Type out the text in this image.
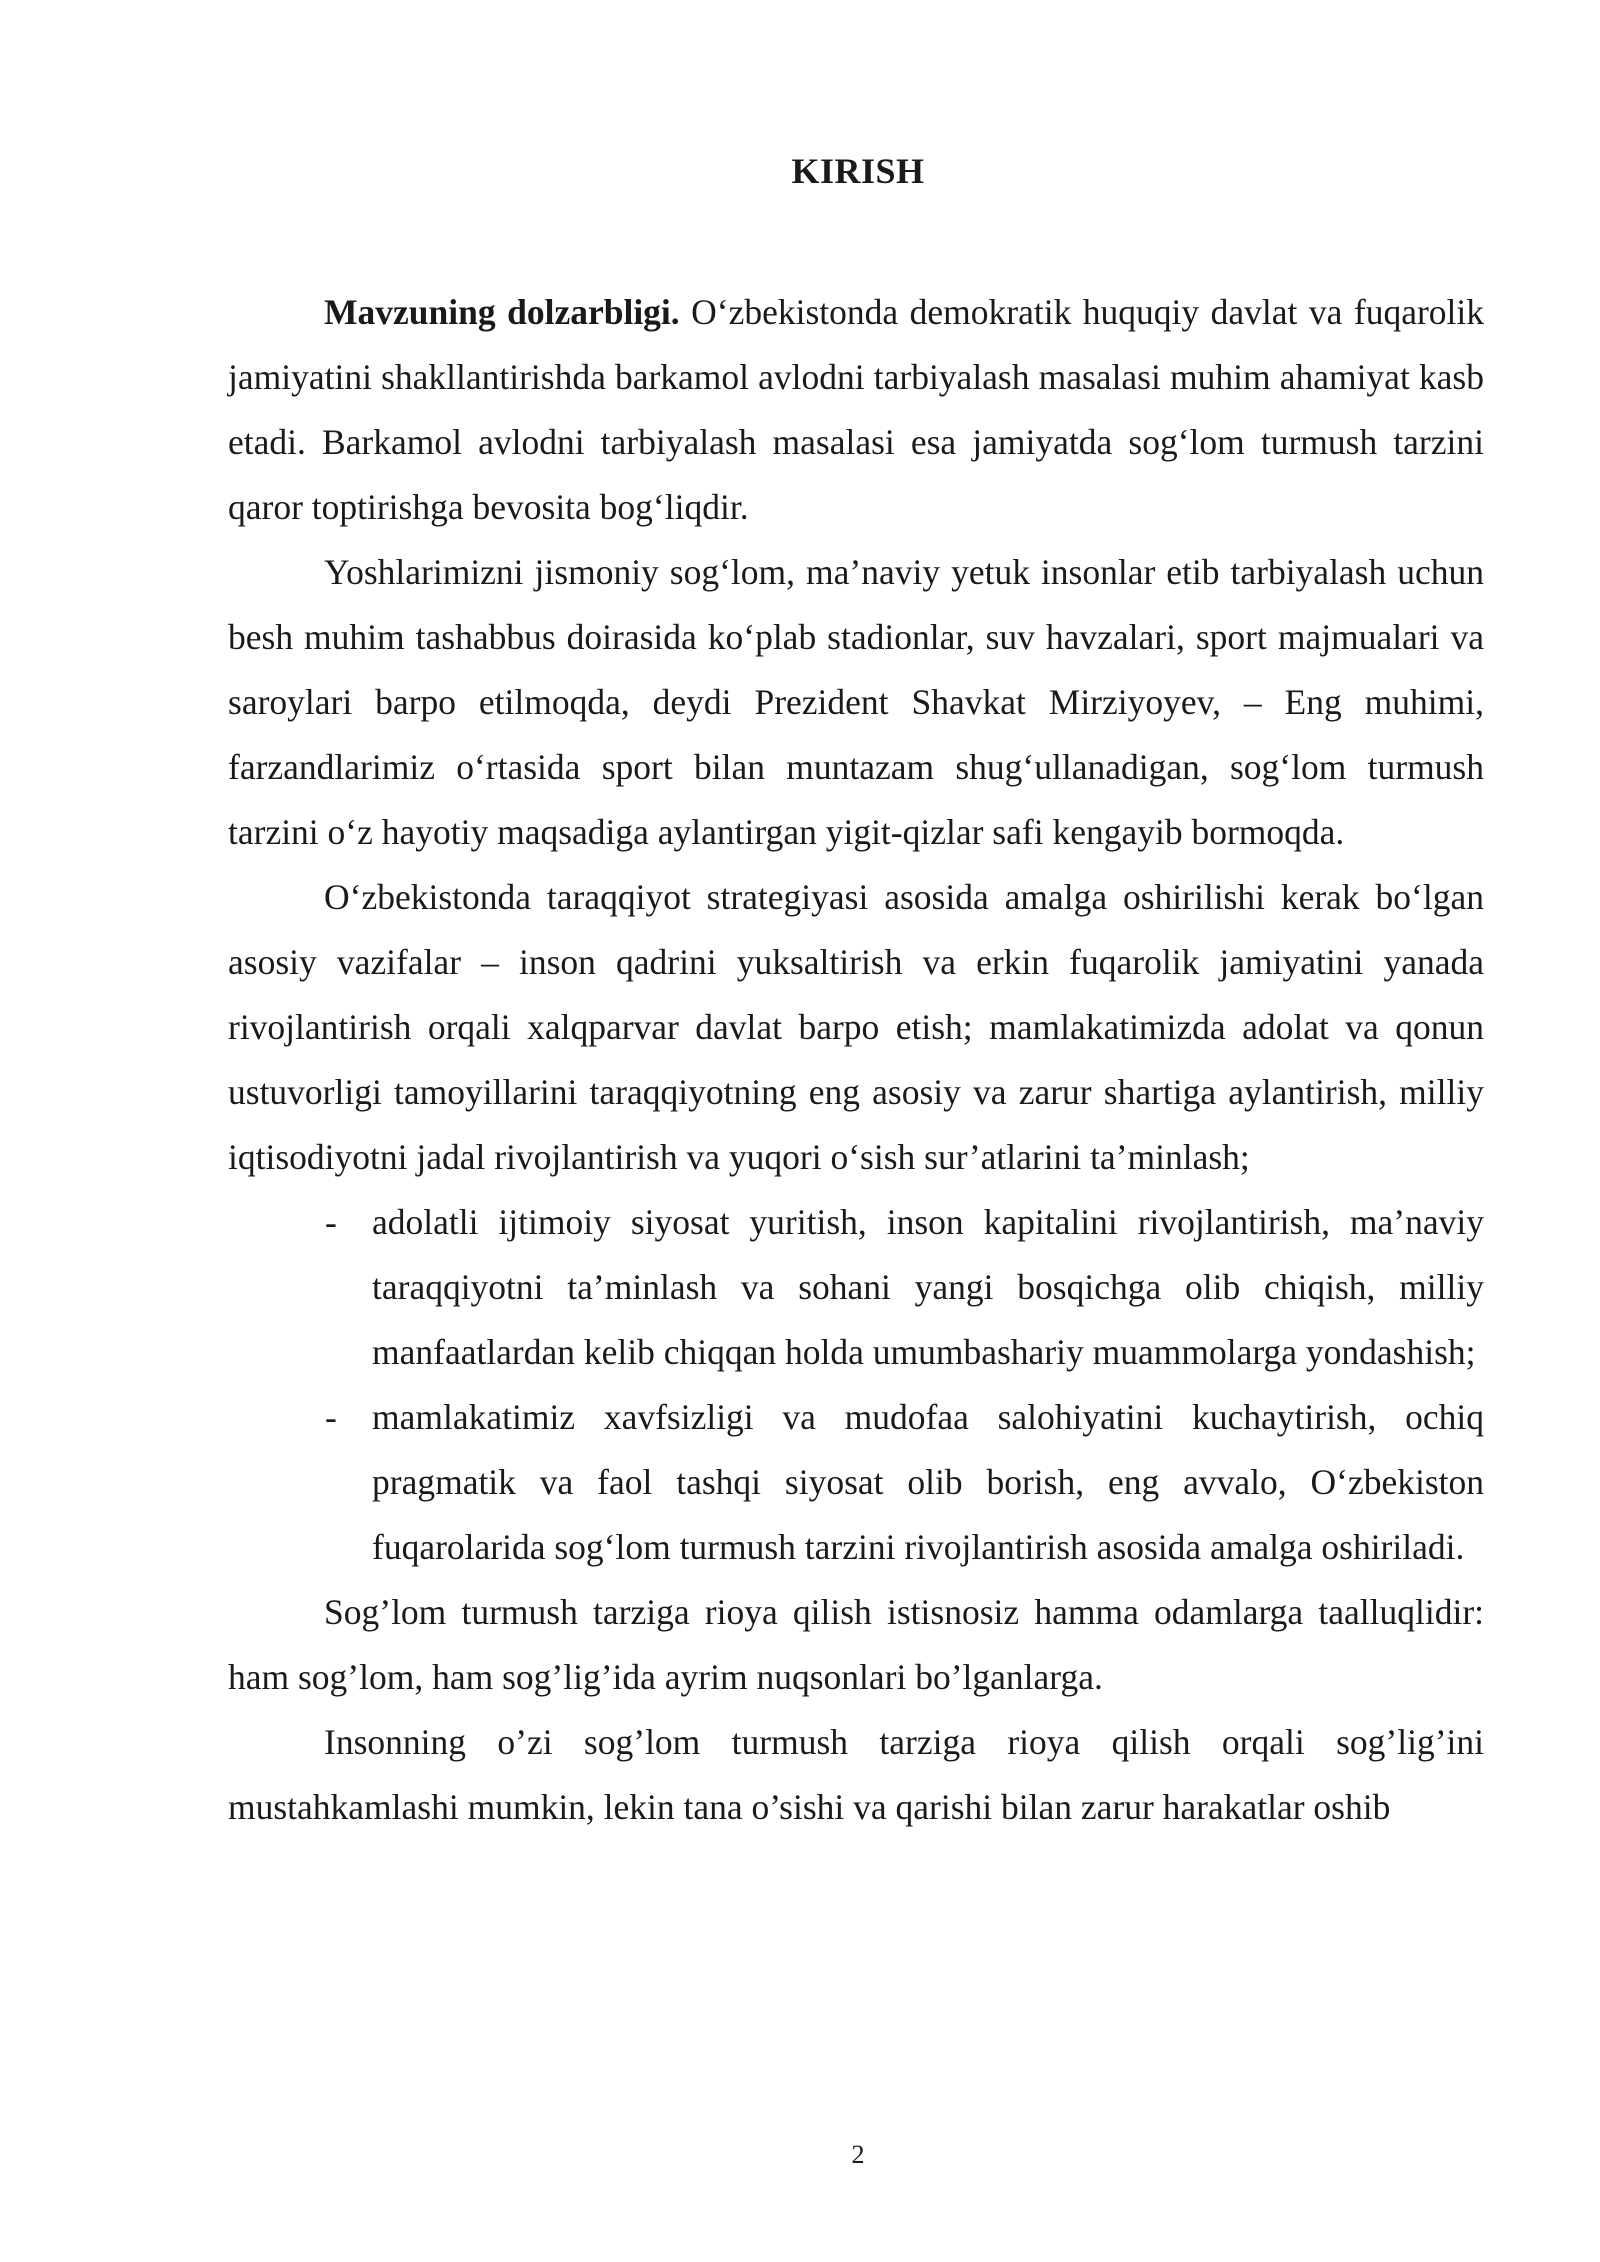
KIRISH

Mavzuning dolzarbligi. O‘zbekistonda demokratik huquqiy davlat va fuqarolik jamiyatini shakllantirishda barkamol avlodni tarbiyalash masalasi muhim ahamiyat kasb etadi. Barkamol avlodni tarbiyalash masalasi esa jamiyatda sog‘lom turmush tarzini qaror toptirishga bevosita bog‘liqdir.

Yoshlarimizni jismoniy sog‘lom, ma’naviy yetuk insonlar etib tarbiyalash uchun besh muhim tashabbus doirasida ko‘plab stadionlar, suv havzalari, sport majmualari va saroylari barpo etilmoqda, deydi Prezident Shavkat Mirziyoyev, – Eng muhimi, farzandlarimiz o‘rtasida sport bilan muntazam shug‘ullanadigan, sog‘lom turmush tarzini o‘z hayotiy maqsadiga aylantirgan yigit-qizlar safi kengayib bormoqda.

O‘zbekistonda taraqqiyot strategiyasi asosida amalga oshirilishi kerak bo‘lgan asosiy vazifalar – inson qadrini yuksaltirish va erkin fuqarolik jamiyatini yanada rivojlantirish orqali xalqparvar davlat barpo etish; mamlakatimizda adolat va qonun ustuvorligi tamoyillarini taraqqiyotning eng asosiy va zarur shartiga aylantirish, milliy iqtisodiyotni jadal rivojlantirish va yuqori o‘sish sur’atlarini ta’minlash;

- adolatli ijtimoiy siyosat yuritish, inson kapitalini rivojlantirish, ma’naviy taraqqiyotni ta’minlash va sohani yangi bosqichga olib chiqish, milliy manfaatlardan kelib chiqqan holda umumbashariy muammolarga yondashish;
- mamlakatimiz xavfsizligi va mudofaa salohiyatini kuchaytirish, ochiq pragmatik va faol tashqi siyosat olib borish, eng avvalo, O‘zbekiston fuqarolarida sog‘lom turmush tarzini rivojlantirish asosida amalga oshiriladi.

Sog’lom turmush tarziga rioya qilish istisnosiz hamma odamlarga taalluqlidir: ham sog’lom, ham sog’lig’ida ayrim nuqsonlari bo’lganlarga.

Insonning o’zi sog’lom turmush tarziga rioya qilish orqali sog’lig’ini mustahkamlashi mumkin, lekin tana o’sishi va qarishi bilan zarur harakatlar oshib

2
